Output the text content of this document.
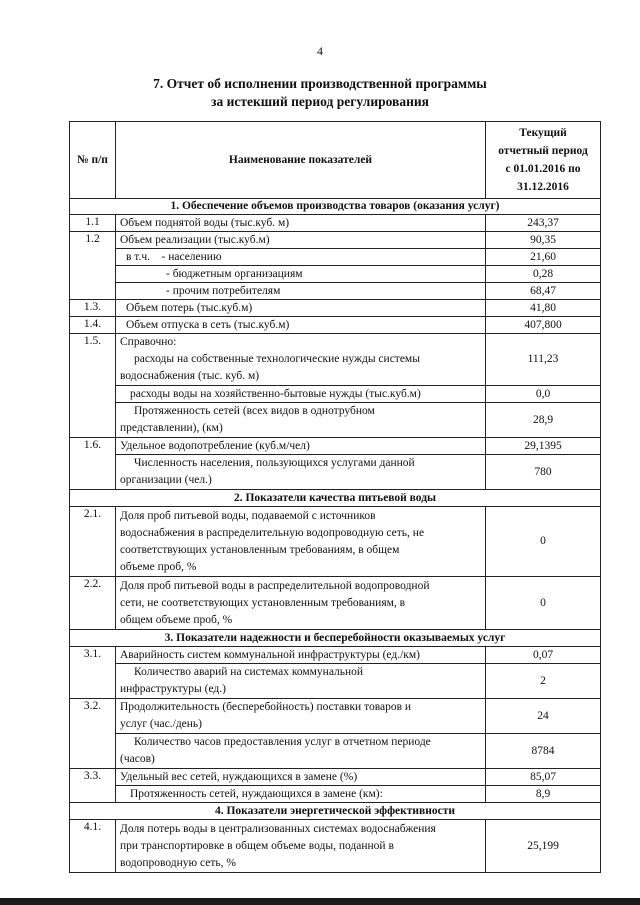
4
7. Отчет об исполнении производственной программы
за истекший период регулирования
№ п/п	Наименование показателей	Текущий
отчетный период
с 01.01.2016 по
31.12.2016

1. Обеспечение объемов производства товаров (оказания услуг)		
1.1	Объем поднятой воды (тыс.куб. м)	243,37
1.2	Объем реализации (тыс.куб.м)	90,35
	в т.ч.    - населению	21,60
	- бюджетным организациям	0,28
	- прочим потребителям	68,47
1.3.	Объем потерь (тыс.куб.м)	41,80
1.4.	Объем отпуска в сеть (тыс.куб.м)	407,800
1.5.	Справочно:
расходы на собственные технологические нужды системы
водоснабжения (тыс. куб. м)	111,23
	расходы воды на хозяйственно-бытовые нужды (тыс.куб.м)	0,0

	Протяженность сетей (всех видов в однотрубном
представлении), (км)	28,9
1.6.	Удельное водопотребление (куб.м/чел)	29,1395

	Численность населения, пользующихся услугами данной
организации (чел.)	780
2. Показатели качества питьевой воды		
2.1.	Доля проб питьевой воды, подаваемой с источников
водоснабжения в распределительную водопроводную сеть, не
соответствующих установленным требованиям, в общем
объеме проб, %	0
2.2.	Доля проб питьевой воды в распределительной водопроводной
сети, не соответствующих установленным требованиям, в
общем объеме проб, %	0
3. Показатели надежности и бесперебойности оказываемых услуг		
3.1.	Аварийность систем коммунальной инфраструктуры (ед./км)	0,07

	Количество аварий на системах коммунальной
инфраструктуры (ед.)	2
3.2.	Продолжительность (бесперебойность) поставки товаров и
услуг (час./день)	24

	Количество часов предоставления услуг в отчетном периоде
(часов)	8784
3.3.	Удельный вес сетей, нуждающихся в замене (%)	85,07
	Протяженность сетей, нуждающихся в замене (км):	8,9
4. Показатели энергетической эффективности		
4.1.	Доля потерь воды в централизованных системах водоснабжения
при транспортировке в общем объеме воды, поданной в
водопроводную сеть, %	25,199
